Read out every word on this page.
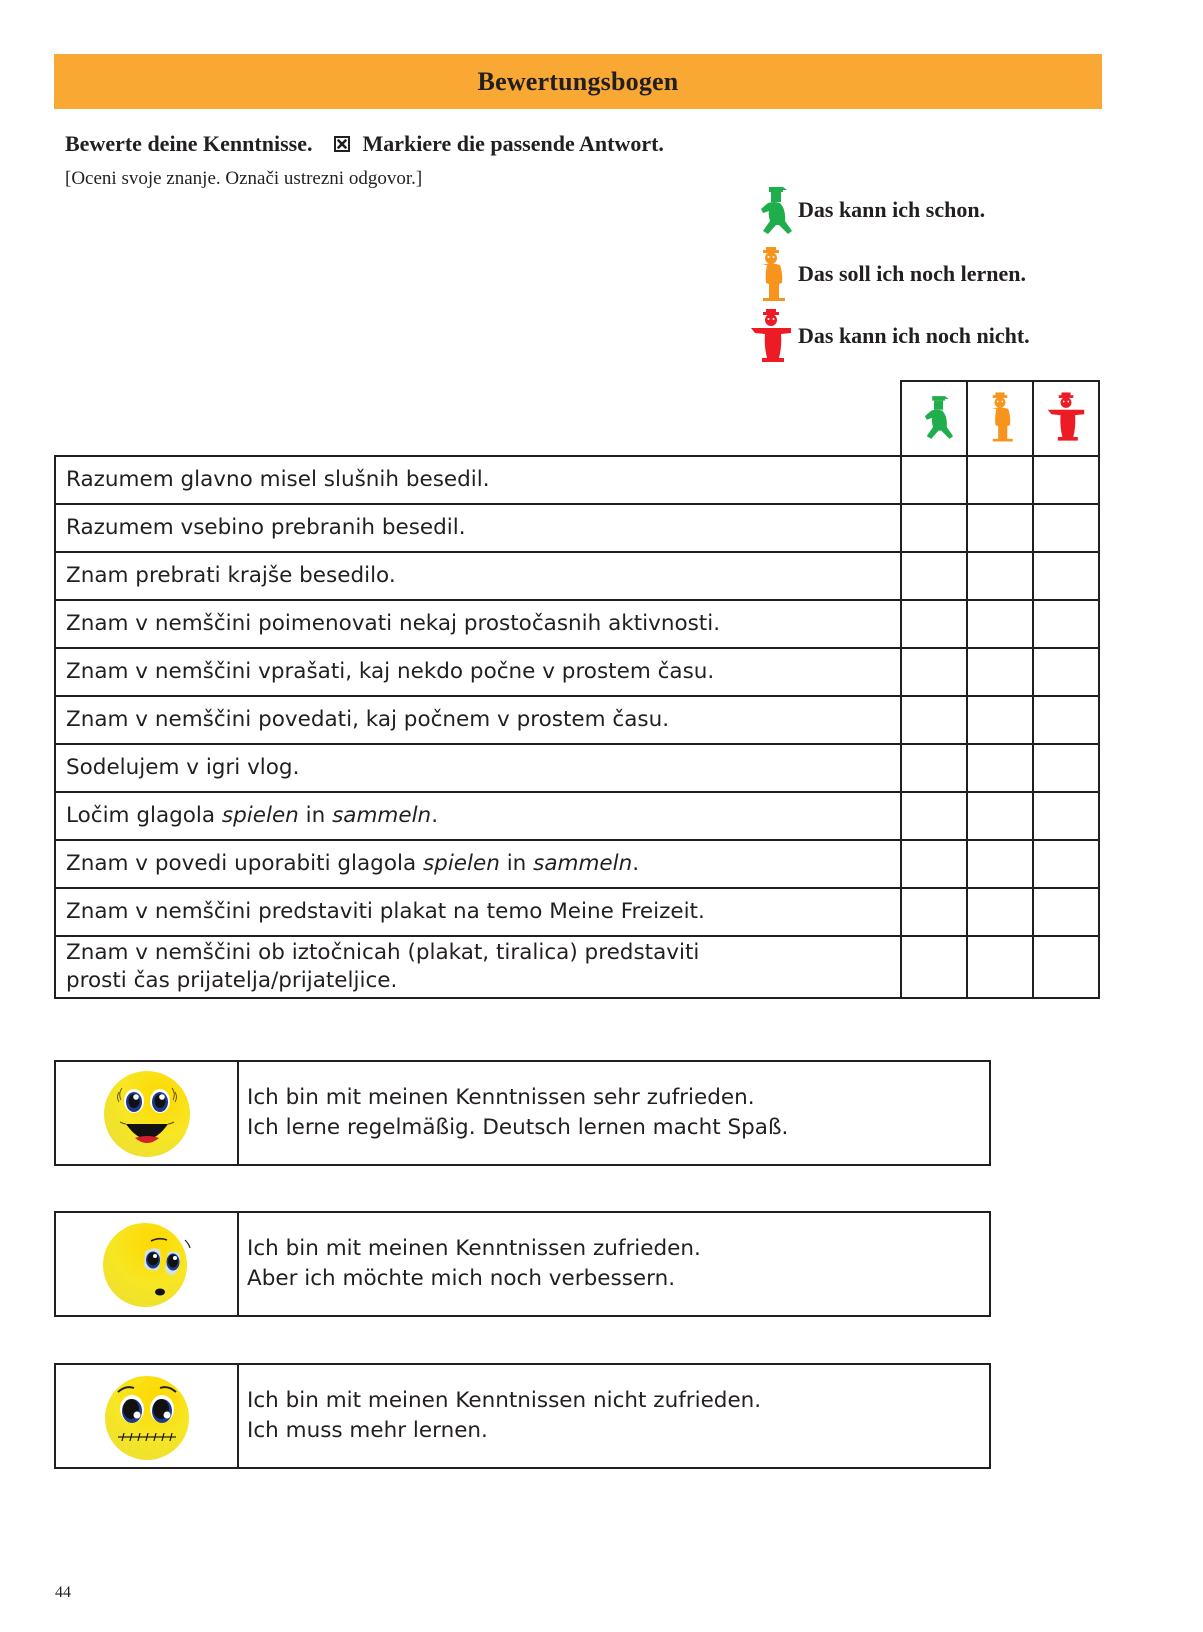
Bewertungsbogen
Bewerte deine Kenntnisse. Markiere die passende Antwort.
[Oceni svoje znanje. Označi ustrezni odgovor.]
Das kann ich schon.
Das soll ich noch lernen.
Das kann ich noch nicht.

Razumem glavno misel slušnih besedil.			
Razumem vsebino prebranih besedil.			
Znam prebrati krajše besedilo.			
Znam v nemščini poimenovati nekaj prostočasnih aktivnosti.			
Znam v nemščini vprašati, kaj nekdo počne v prostem času.			
Znam v nemščini povedati, kaj počnem v prostem času.			
Sodelujem v igri vlog.			
Ločim glagola spielen in sammeln.			
Znam v povedi uporabiti glagola spielen in sammeln.			
Znam v nemščini predstaviti plakat na temo Meine Freizeit.			
Znam v nemščini ob iztočnicah (plakat, tiralica) predstaviti
prosti čas prijatelja/prijateljice.			
Ich bin mit meinen Kenntnissen sehr zufrieden.
Ich lerne regelmäßig. Deutsch lernen macht Spaß.
Ich bin mit meinen Kenntnissen zufrieden.
Aber ich möchte mich noch verbessern.
Ich bin mit meinen Kenntnissen nicht zufrieden.
Ich muss mehr lernen.
44
